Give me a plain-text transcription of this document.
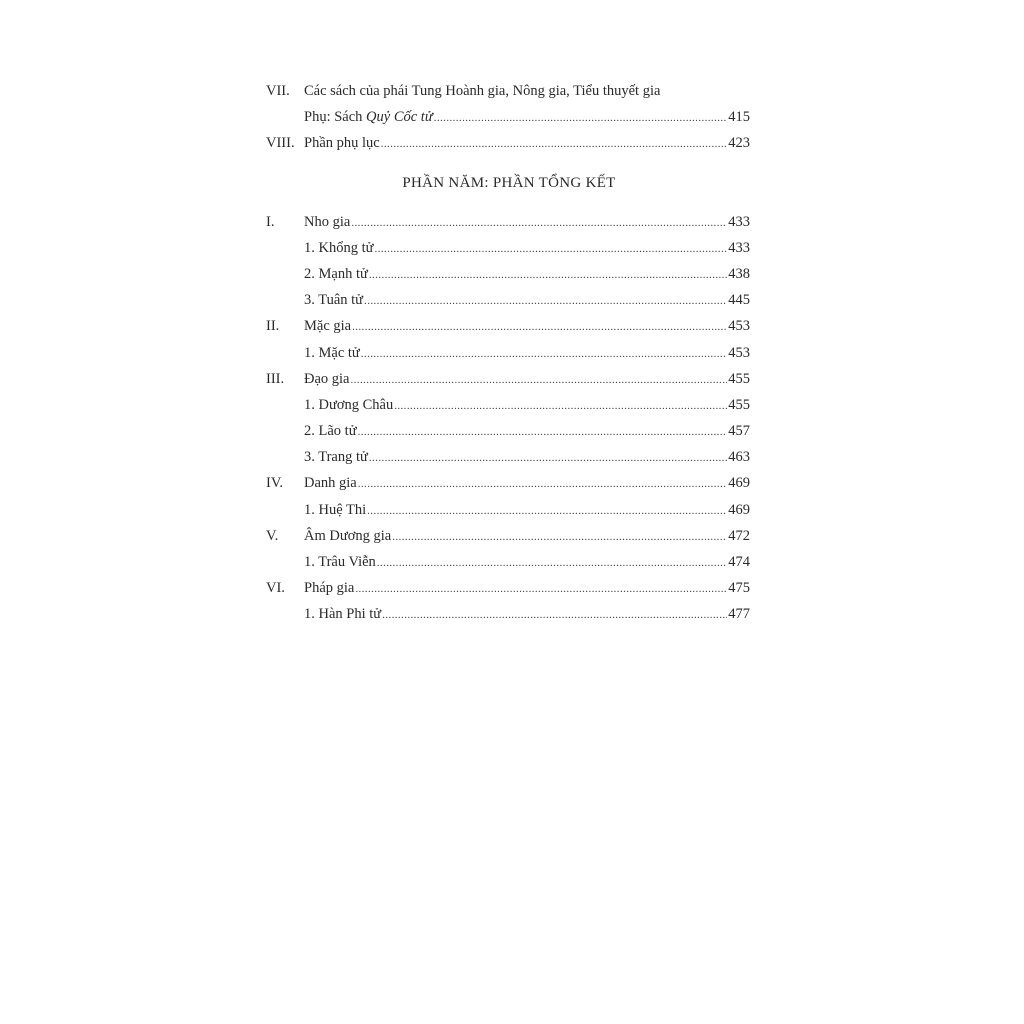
VII. Các sách của phái Tung Hoành gia, Nông gia, Tiểu thuyết gia
Phụ: Sách Quỷ Cốc tử .....	415
VIII. Phần phụ lục .....	423
PHẦN NĂM: PHẦN TỔNG KẾT
I. Nho gia .....	433
1. Khổng tử .....	433
2. Mạnh tử .....	438
3. Tuân tử .....	445
II. Mặc gia .....	453
1. Mặc tử .....	453
III. Đạo gia .....	455
1. Dương Châu .....	455
2. Lão tử .....	457
3. Trang tử .....	463
IV. Danh gia .....	469
1. Huệ Thi .....	469
V. Âm Dương gia .....	472
1. Trâu Viễn .....	474
VI. Pháp gia .....	475
1. Hàn Phi tử .....	477
